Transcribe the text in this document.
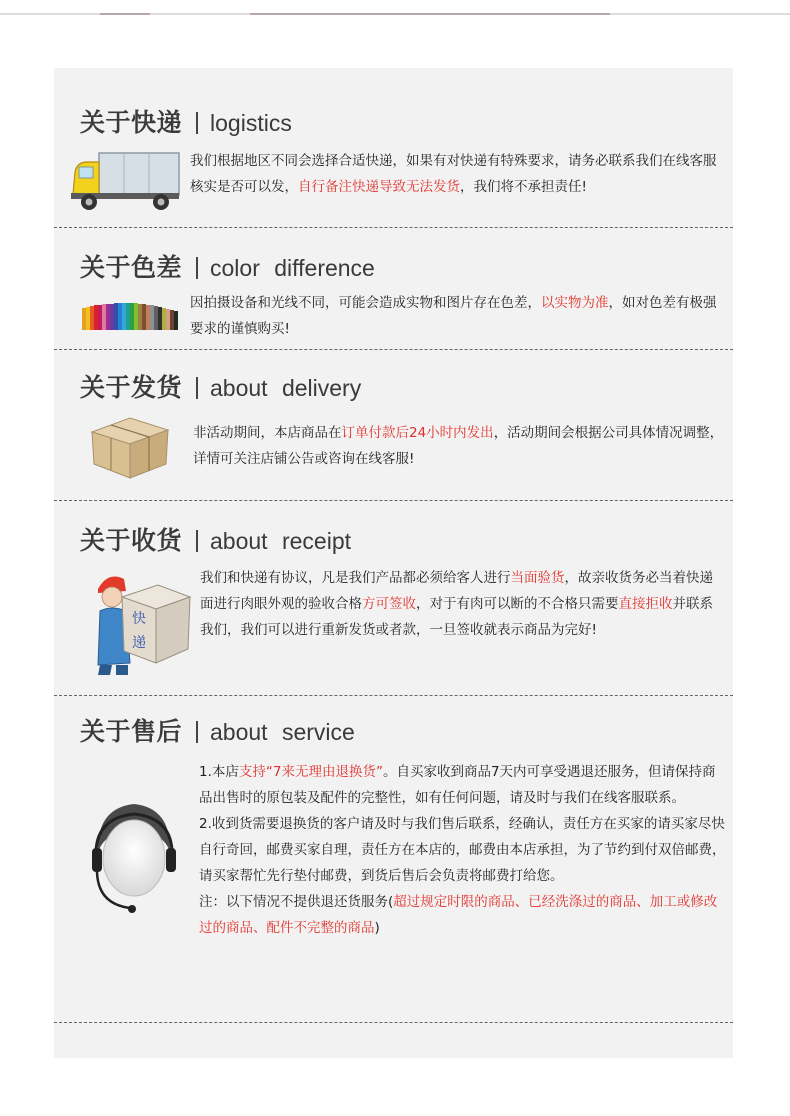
关于快递 logistics
我们根据地区不同会选择合适快递，如果有对快递有特殊要求，请务必联系我们在线客服核实是否可以发，自行备注快递导致无法发货，我们将不承担责任!
关于色差 color difference
因拍摄设备和光线不同，可能会造成实物和图片存在色差，以实物为准，如对色差有极强要求的谨慎购买!
关于发货 about delivery
非活动期间，本店商品在订单付款后24小时内发出，活动期间会根据公司具体情况调整，详情可关注店铺公告或咨询在线客服!
关于收货 about receipt
快递
我们和快递有协议，凡是我们产品都必须给客人进行当面验货，故亲收货务必当着快递面进行肉眼外观的验收合格方可签收，对于有肉可以断的不合格只需要直接拒收并联系我们，我们可以进行重新发货或者款，一旦签收就表示商品为完好!
关于售后 about service
1.本店支持“7来无理由退换货”。自买家收到商品7天内可享受遇退还服务，但请保持商品出售时的原包装及配件的完整性，如有任何问题，请及时与我们在线客服联系。
2.收到货需要退换货的客户请及时与我们售后联系，经确认，责任方在买家的请买家尽快自行奇回，邮费买家自理，责任方在本店的，邮费由本店承担，为了节约到付双倍邮费，请买家帮忙先行垫付邮费，到货后售后会负责将邮费打给您。
注：以下情况不提供退还货服务(超过规定时限的商品、已经洗涤过的商品、加工或修改过的商品、配件不完整的商品)
